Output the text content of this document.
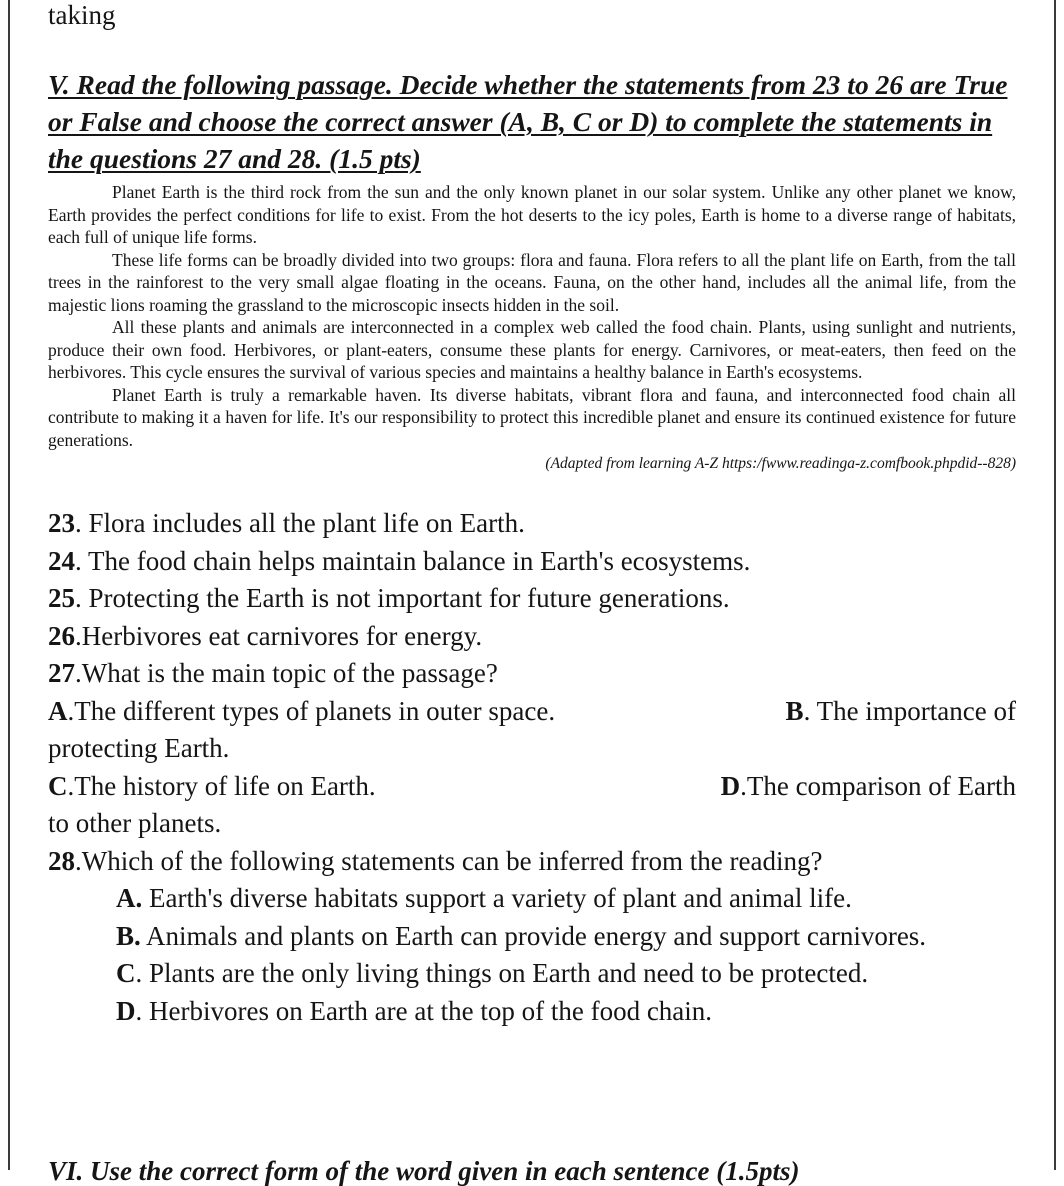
taking
V. Read the following passage. Decide whether the statements from 23 to 26 are True or False and choose the correct answer (A, B, C or D) to complete the statements in the questions 27 and 28. (1.5 pts)

Planet Earth is the third rock from the sun and the only known planet in our solar system. Unlike any other planet we know, Earth provides the perfect conditions for life to exist. From the hot deserts to the icy poles, Earth is home to a diverse range of habitats, each full of unique life forms.

These life forms can be broadly divided into two groups: flora and fauna. Flora refers to all the plant life on Earth, from the tall trees in the rainforest to the very small algae floating in the oceans. Fauna, on the other hand, includes all the animal life, from the majestic lions roaming the grassland to the microscopic insects hidden in the soil.

All these plants and animals are interconnected in a complex web called the food chain. Plants, using sunlight and nutrients, produce their own food. Herbivores, or plant-eaters, consume these plants for energy. Carnivores, or meat-eaters, then feed on the herbivores. This cycle ensures the survival of various species and maintains a healthy balance in Earth's ecosystems.

Planet Earth is truly a remarkable haven. Its diverse habitats, vibrant flora and fauna, and interconnected food chain all contribute to making it a haven for life. It's our responsibility to protect this incredible planet and ensure its continued existence for future generations.

(Adapted from learning A-Z https:/fwww.readinga-z.comfbook.phpdid--828)
23. Flora includes all the plant life on Earth.
24. The food chain helps maintain balance in Earth's ecosystems.
25. Protecting the Earth is not important for future generations.
26.Herbivores eat carnivores for energy.
27.What is the main topic of the passage?
A.The different types of planets in outer space.	B. The importance of
protecting Earth.
C.The history of life on Earth.	D.The comparison of Earth
to other planets.
28.Which of the following statements can be inferred from the reading?
A. Earth's diverse habitats support a variety of plant and animal life.
B. Animals and plants on Earth can provide energy and support carnivores.
C. Plants are the only living things on Earth and need to be protected.
D. Herbivores on Earth are at the top of the food chain.
VI. Use the correct form of the word given in each sentence (1.5pts)
